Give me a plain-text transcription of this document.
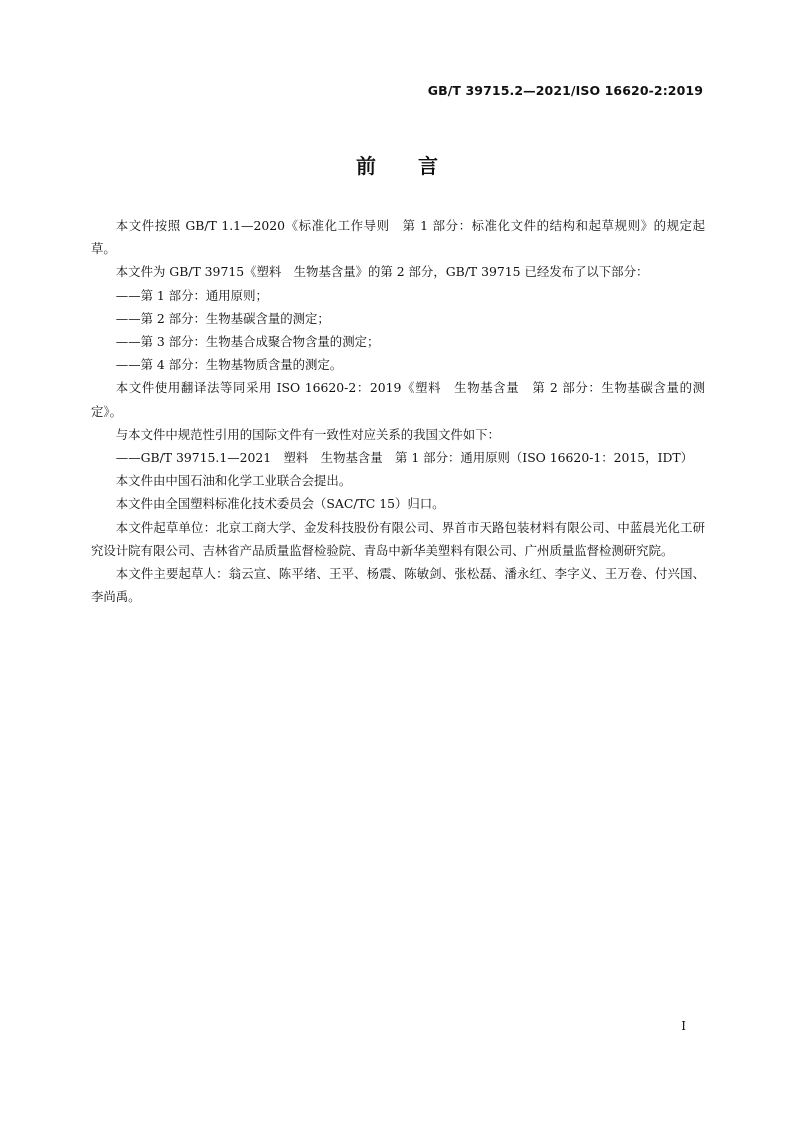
GB/T 39715.2—2021/ISO 16620-2:2019
前言

本文件按照 GB/T 1.1—2020《标准化工作导则　第 1 部分：标准化文件的结构和起草规则》的规定起草。

本文件为 GB/T 39715《塑料　生物基含量》的第 2 部分，GB/T 39715 已经发布了以下部分：

——第 1 部分：通用原则；

——第 2 部分：生物基碳含量的测定；

——第 3 部分：生物基合成聚合物含量的测定；

——第 4 部分：生物基物质含量的测定。

本文件使用翻译法等同采用 ISO 16620-2：2019《塑料　生物基含量　第 2 部分：生物基碳含量的测定》。

与本文件中规范性引用的国际文件有一致性对应关系的我国文件如下：

——GB/T 39715.1—2021　塑料　生物基含量　第 1 部分：通用原则（ISO 16620-1：2015，IDT）

本文件由中国石油和化学工业联合会提出。

本文件由全国塑料标准化技术委员会（SAC/TC 15）归口。

本文件起草单位：北京工商大学、金发科技股份有限公司、界首市天路包装材料有限公司、中蓝晨光化工研究设计院有限公司、吉林省产品质量监督检验院、青岛中新华美塑料有限公司、广州质量监督检测研究院。

本文件主要起草人：翁云宣、陈平绪、王平、杨震、陈敏剑、张松磊、潘永红、李字义、王万卷、付兴国、李尚禹。

I
